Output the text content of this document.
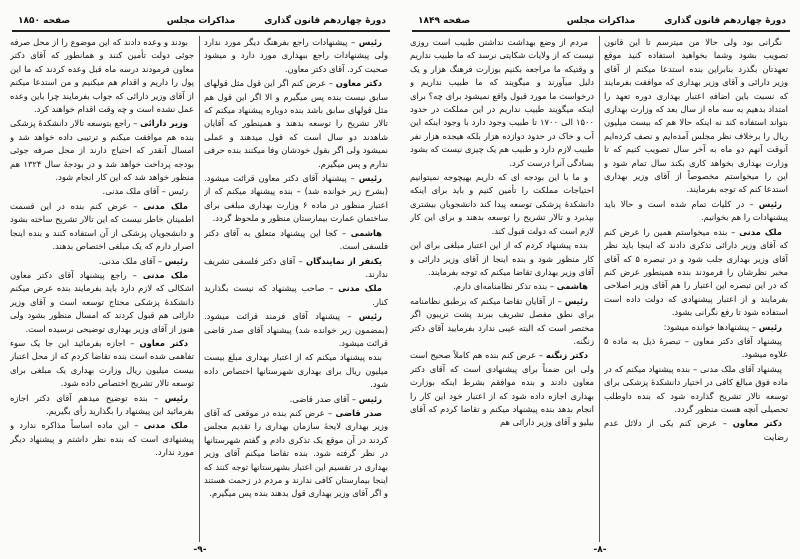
دورهٔ چهاردهم قانون گذاری
مذاکرات مجلس
صفحه ۱۸۵۰

رئیس – پیشنهادات راجع بفرهنگ دیگر مورد ندارد ولی پیشنهادات راجع ببهداری مورد دارد و میشود صحبت کرد. آقای دکتر معاون.

دکتر معاون – عرض کنم اگر این قول مثل قولهای سابق نیست بنده پس میگیرم و الا اگر این قول هم مثل قولهای سابق باشد بنده دوباره پیشنهاد میکنم که تالار تشریح را توسعه بدهند و همینطور که آقایان شاهدند دو سال است که قول میدهند و عملی نمیشود ولی اگر بقول خودشان وفا میکنند بنده حرفی ندارم و پس میگیرم.

رئیس – پیشنهاد آقای دکتر معاون قرائت میشود. (بشرح زیر خوانده شد) – بنده پیشنهاد میکنم که از اعتبار منظور در ماده ۶ وزارت بهداری مبلغی برای ساختمان عمارت بیمارستان منظور و ملحوظ گردد.

هاشمی – کجا این پیشنهاد متعلق به آقای دکتر فلسفی است.

یکنفر از نمایندگان – آقای دکتر فلسفی تشریف ندارند.

ملک مدنی – صاحب پیشنهاد که نیست بگذارید کنار.

رئیس – پیشنهاد آقای فرمند قرائت میشود. (بمضمون زیر خوانده شد) پیشنهاد آقای صدر قاضی قرائت میشود.

بنده پیشنهاد میکنم که از اعتبار بهداری مبلغ بیست میلیون ریال برای بهداری شهرستانها اختصاص داده شود.

رئیس – آقای صدر قاضی.

صدر قاضی – عرض کنم بنده در موقعی که آقای وزیر بهداری لایحهٔ سازمان بهداری را تقدیم مجلس کردند در آن موقع یک تذکری دادم و گفتم شهرستانها در نظر گرفته شود. بنده تقاضا میکنم آقای وزیر بهداری در تقسیم این اعتبار بشهرستانها توجه کنند که اینجا بیمارستان کافی ندارند و مردم در زحمت هستند و اگر آقای وزیر بهداری قول بدهند بنده پس میگیرم.

بودند و وعده دادند که این موضوع را از محل صرفه جوئی دولت تأمین کنند و همانطور که آقای دکتر معاون فرمودند درسه ماه قبل وعده کردند که ما این پول را داریم و اقدام هم میکنیم و من استدعا میکنم از آقای وزیر دارائی که جواب بفرمایند چرا باین وعده عمل نشده است و چه وقت اقدام خواهند کرد.

وزیر دارائی – راجع بتوسعه تالار دانشکدهٔ پزشکی بنده هم موافقت میکنم و ترتیبی داده خواهد شد و امسال آنقدر که احتیاج دارند از محل صرفه جوئی بودجه پرداخت خواهد شد و در بودجهٔ سال ۱۳۲۴ هم منظور خواهد شد که این کار انجام شود.

رئیس – آقای ملک مدنی.

ملک مدنی – عرض کنم بنده در این قسمت اطمینان خاطر نیست که این تالار تشریح ساخته بشود و دانشجویان پزشکی از آن استفاده کنند و بنده اینجا اصرار دارم که یک مبلغی اختصاص بدهند.

رئیس – آقای ملک مدنی.

ملک مدنی – راجع پیشنهاد آقای دکتر معاون اشکالی که لازم دارد باید بفرمایند بنده عرض میکنم دانشکدهٔ پزشکی محتاج توسعه است و آقای وزیر دارائی هم قبول کردند که امسال منظور بشود ولی هنوز از آقای وزیر بهداری توضیحی نرسیده است.

دکتر معاون – اجازه بفرمائید این جا یک سوء تفاهمی شده است بنده تقاضا کردم که از محل اعتبار بیست میلیون ریال وزارت بهداری یک مبلغی برای توسعه تالار تشریح اختصاص داده شود.

رئیس – بنده توضیح میدهم آقای دکتر اجازه بفرمائید این پیشنهاد را بگذارید رأی بگیریم.

ملک مدنی – این ماده اساساً مذاکره ندارد و پیشنهادی است که بنده نظر داشتم و پیشنهاد دیگر مورد ندارد.

-۹-
دورهٔ چهاردهم قانون گذاری
مذاکرات مجلس
صفحه ۱۸۴۹

نگرانی بود ولی حالا من میترسم تا این قانون تصویب بشود وشما بخواهید استفاده کنید موقع تعهدتان بگذرد بنابراین بنده استدعا میکنم از آقای وزیر دارائی و آقای وزیر بهداری که موافقت بفرمایند که نسبت باین اضافه اعتبار بهداری دوره تعهد را امتداد بدهیم به سه ماه از سال بعد که وزارت بهداری بتواند استفاده کند نه اینکه حالا هم که بیست میلیون ریال را برخلاف نظر مجلس آمده‌ایم و نصف کرده‌ایم آنوقت آنهم دو ماه به آخر سال تصویب کنیم که تا وزارت بهداری بخواهد کاری بکند سال تمام شود و این را میخواستم مخصوصاً از آقای وزیر بهداری استدعا کنم که توجه بفرمایند.

رئیس – در کلیات تمام شده است و حالا باید پیشنهادات را هم بخوانیم.

ملک مدنی – بنده میخواستم همین را عرض کنم که آقای وزیر دارائی تذکری دادند که اینجا باید نظر آقای وزیر بهداری جلب شود و در تبصره ۵ که آقای مخبر نظرشان را فرمودند بنده همینطور عرض کنم که در این تبصره این اعتبار را هم آقای وزیر اصلاحی بفرمایند و از اعتبار پیشنهادی که دولت داده است استفاده شود تا رفع نگرانی بشود.

رئیس – پیشنهادها خوانده میشود:

پیشنهاد آقای دکتر معاون – تبصرهٔ ذیل به ماده ۵ علاوه میشود.

پیشنهاد آقای ملک مدنی – بنده پیشنهاد میکنم که در ماده فوق مبالغ کافی در اختیار دانشکدهٔ پزشکی برای توسعه تالار تشریح گذارده شود که بنده داوطلب تحصیلی آنچه هست منظور گردد.

دکتر معاون – عرض کنم یکی از دلائل عدم رضایت

مردم از وضع بهداشت نداشتن طبیب است روزی نیست که از ولایات شکایتی نرسد که ما طبیب نداریم و وقتیکه ما مراجعه بکنیم بوزارت فرهنگ هزار و یک دلیل میآورند و میگویند که ما طبیب نداریم و درخواست ما مورد قبول واقع نمیشود برای چه؟ برای اینکه میگویند طبیب نداریم در این مملکت در حدود ۱۵۰۰ الی ۱۷۰۰ تا طبیب وجود دارد با وجود اینکه این آب و خاک در حدود دوازده هزار بلکه هیجده هزار نفر طبیب لازم دارد و طبیب هم یک چیزی نیست که بشود بسادگی آنرا درست کرد.

و ما با این بودجه ای که داریم بهیچوجه نمیتوانیم احتیاجات مملکت را تأمین کنیم و باید برای اینکه دانشکدهٔ پزشکی توسعه پیدا کند دانشجویان بیشتری بپذیرد و تالار تشریح را توسعه بدهند و برای این کار لازم است که دولت قبول کند.

بنده پیشنهاد کردم که از این اعتبار مبلغی برای این کار منظور شود و بنده اینجا از آقای وزیر دارائی و آقای وزیر بهداری تقاضا میکنم که توجه بفرمایند.

هاشمی – بنده تذکر نظامنامه‌ای دارم.

رئیس – از آقایان تقاضا میکنم که برطبق نظامنامه برای نطق مفصل تشریف ببرند پشت تریبون اگر مختصر است که البته عیبی ندارد بفرمایید آقای دکتر زنگنه.

دکتر زنگنه – عرض کنم بنده هم کاملاً صحیح است ولی این ضمناً برای پیشنهادی است که آقای دکتر معاون دادند و بنده موافقم بشرط اینکه بوزارت بهداری اجازه داده شود که از اعتبار خود این کار را انجام بدهد بنده پیشنهاد میکنم و تقاضا کردم که آقای بیلیو و آقای وزیر دارائی هم

-۸-
